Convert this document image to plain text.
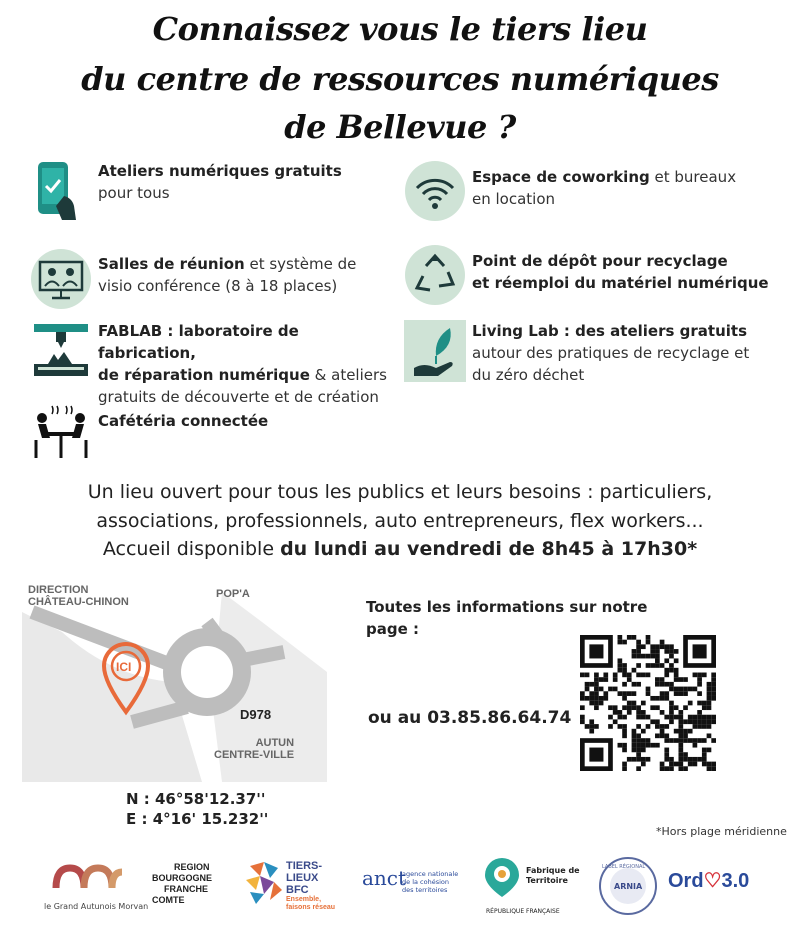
Connaissez vous le tiers lieu
du centre de ressources numériques
de Bellevue ?
Ateliers numériques gratuits
pour tous
Espace de coworking et bureaux
en location
Salles de réunion et système de
visio conférence (8 à 18 places)
Point de dépôt pour recyclage
et réemploi du matériel numérique
FABLAB : laboratoire de fabrication,
de réparation numérique & ateliers
gratuits de découverte et de création
Living Lab : des ateliers gratuits
autour des pratiques de recyclage et
du zéro déchet
Cafétéria connectée
Un lieu ouvert pour tous les publics et leurs besoins : particuliers,
associations, professionnels, auto entrepreneurs, flex workers...
Accueil disponible du lundi au vendredi de 8h45 à 17h30*
DIRECTION
CHÂTEAU-CHINON
POP'A
ICI
D978
AUTUN
CENTRE-VILLE
N : 46°58'12.37''
E : 4°16' 15.232''
Toutes les informations sur notre page :
ou au 03.85.86.64.74
*Hors plage méridienne
le Grand Autunois Morvan
REGION
BOURGOGNE
FRANCHE
COMTE
TIERS-
LIEUX
BFC
Ensemble,
faisons réseau
anct
agence nationale
de la cohésion
des territoires
Fabrique de
Territoire
RÉPUBLIQUE FRANÇAISE
LABEL RÉGIONAL
ARNIA Ord♡3.0
